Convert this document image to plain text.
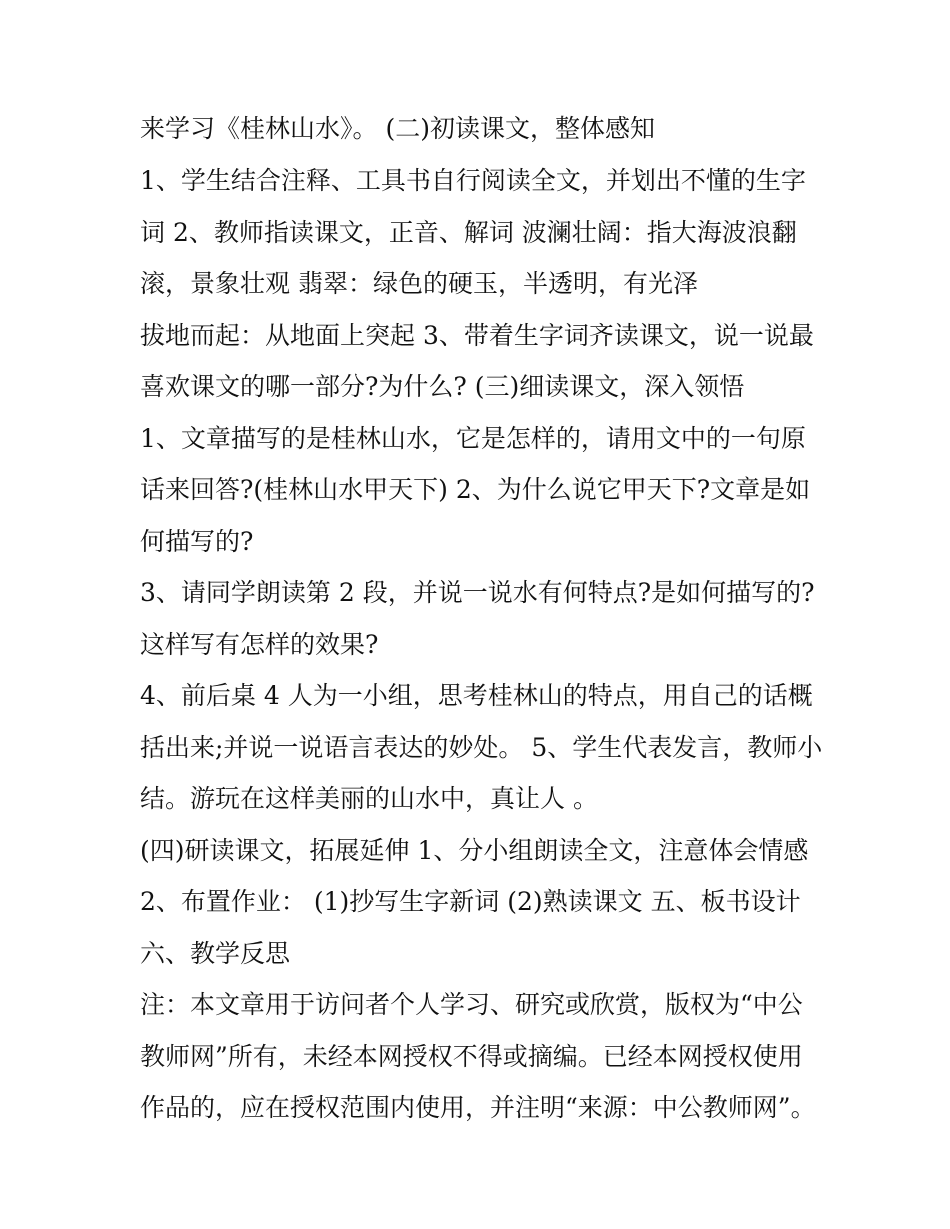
来学习《桂林山水》。 (二)初读课文，整体感知
1、学生结合注释、工具书自行阅读全文，并划出不懂的生字
词 2、教师指读课文，正音、解词 波澜壮阔：指大海波浪翻
滚，景象壮观 翡翠：绿色的硬玉，半透明，有光泽
拔地而起：从地面上突起 3、带着生字词齐读课文，说一说最
喜欢课文的哪一部分?为什么? (三)细读课文，深入领悟
1、文章描写的是桂林山水，它是怎样的，请用文中的一句原
话来回答?(桂林山水甲天下) 2、为什么说它甲天下?文章是如
何描写的?
3、请同学朗读第 2 段，并说一说水有何特点?是如何描写的?
这样写有怎样的效果?
4、前后桌 4 人为一小组，思考桂林山的特点，用自己的话概
括出来;并说一说语言表达的妙处。 5、学生代表发言，教师小
结。游玩在这样美丽的山水中，真让人 。
(四)研读课文，拓展延伸 1、分小组朗读全文，注意体会情感
2、布置作业： (1)抄写生字新词 (2)熟读课文 五、板书设计
六、教学反思
注：本文章用于访问者个人学习、研究或欣赏，版权为“中公
教师网”所有，未经本网授权不得或摘编。已经本网授权使用
作品的，应在授权范围内使用，并注明“来源：中公教师网”。
